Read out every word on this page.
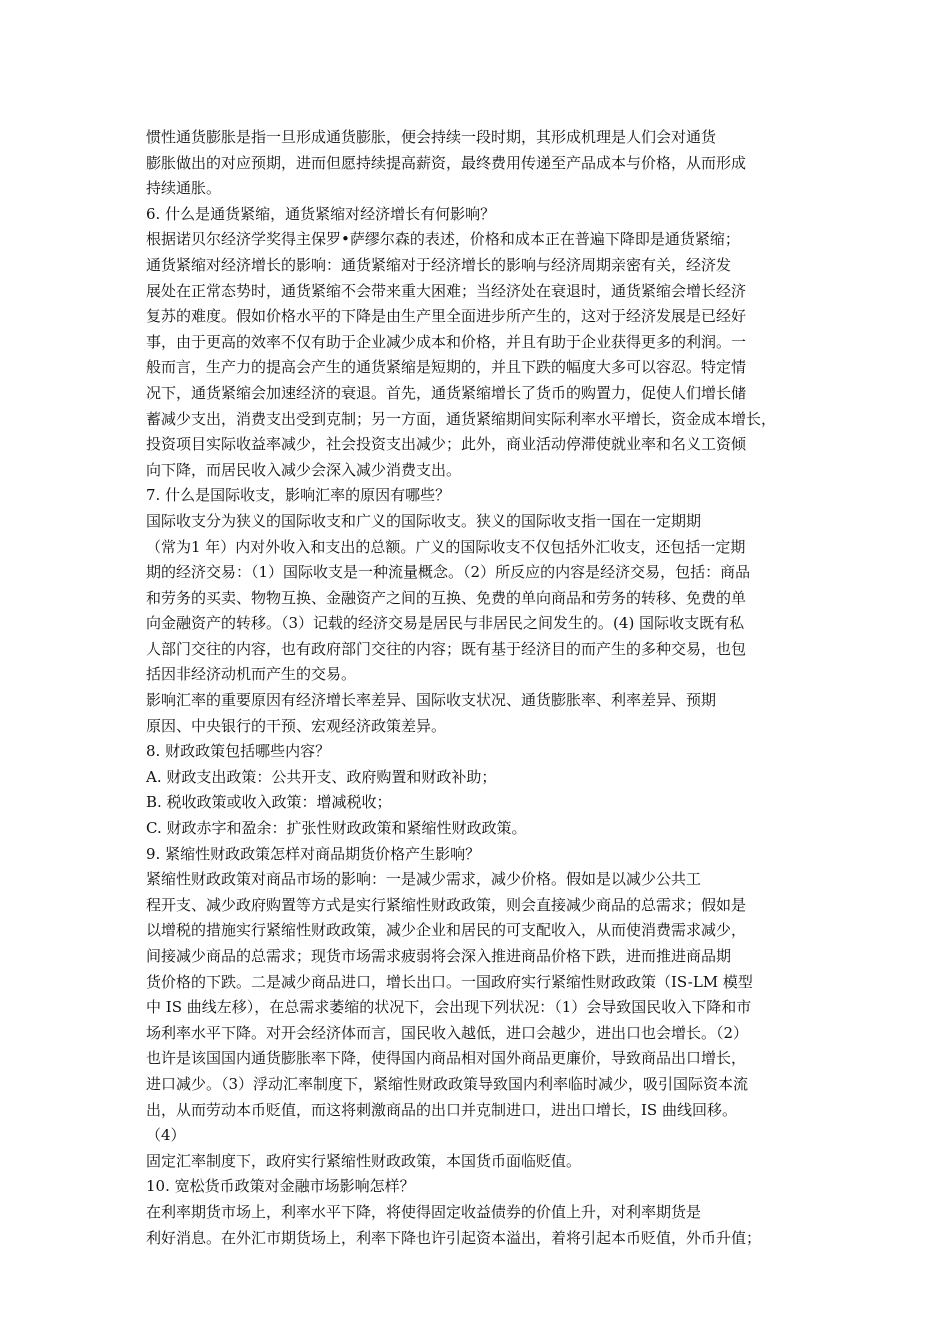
惯性通货膨胀是指一旦形成通货膨胀，便会持续一段时期，其形成机理是人们会对通货
膨胀做出的对应预期，进而但愿持续提高薪资，最终费用传递至产品成本与价格，从而形成
持续通胀。
6. 什么是通货紧缩，通货紧缩对经济增长有何影响？
根据诺贝尔经济学奖得主保罗•萨缪尔森的表述，价格和成本正在普遍下降即是通货紧缩；
通货紧缩对经济增长的影响：通货紧缩对于经济增长的影响与经济周期亲密有关，经济发
展处在正常态势时，通货紧缩不会带来重大困难；当经济处在衰退时，通货紧缩会增长经济
复苏的难度。假如价格水平的下降是由生产里全面进步所产生的，这对于经济发展是已经好
事，由于更高的效率不仅有助于企业减少成本和价格，并且有助于企业获得更多的利润。一
般而言，生产力的提高会产生的通货紧缩是短期的，并且下跌的幅度大多可以容忍。特定情
况下，通货紧缩会加速经济的衰退。首先，通货紧缩增长了货币的购置力，促使人们增长储
蓄减少支出，消费支出受到克制；另一方面，通货紧缩期间实际利率水平增长，资金成本增长，
投资项目实际收益率减少，社会投资支出减少；此外，商业活动停滞使就业率和名义工资倾
向下降，而居民收入减少会深入减少消费支出。
7. 什么是国际收支，影响汇率的原因有哪些？
国际收支分为狭义的国际收支和广义的国际收支。狭义的国际收支指一国在一定期期
（常为1 年）内对外收入和支出的总额。广义的国际收支不仅包括外汇收支，还包括一定期
期的经济交易：（1）国际收支是一种流量概念。（2）所反应的内容是经济交易，包括：商品
和劳务的买卖、物物互换、金融资产之间的互换、免费的单向商品和劳务的转移、免费的单
向金融资产的转移。（3）记载的经济交易是居民与非居民之间发生的。(4) 国际收支既有私
人部门交往的内容，也有政府部门交往的内容；既有基于经济目的而产生的多种交易，也包
括因非经济动机而产生的交易。
影响汇率的重要原因有经济增长率差异、国际收支状况、通货膨胀率、利率差异、预期
原因、中央银行的干预、宏观经济政策差异。
8. 财政政策包括哪些内容？
A. 财政支出政策：公共开支、政府购置和财政补助；
B. 税收政策或收入政策：增减税收；
C. 财政赤字和盈余：扩张性财政政策和紧缩性财政政策。
9. 紧缩性财政政策怎样对商品期货价格产生影响？
紧缩性财政政策对商品市场的影响：一是减少需求，减少价格。假如是以减少公共工
程开支、减少政府购置等方式是实行紧缩性财政政策，则会直接减少商品的总需求；假如是
以增税的措施实行紧缩性财政政策，减少企业和居民的可支配收入，从而使消费需求减少，
间接减少商品的总需求；现货市场需求疲弱将会深入推进商品价格下跌，进而推进商品期
货价格的下跌。二是减少商品进口，增长出口。一国政府实行紧缩性财政政策（IS-LM 模型
中 IS 曲线左移），在总需求萎缩的状况下，会出现下列状况：（1）会导致国民收入下降和市
场利率水平下降。对开会经济体而言，国民收入越低，进口会越少，进出口也会增长。（2）
也许是该国国内通货膨胀率下降，使得国内商品相对国外商品更廉价，导致商品出口增长，
进口减少。（3）浮动汇率制度下，紧缩性财政政策导致国内利率临时减少，吸引国际资本流
出，从而劳动本币贬值，而这将刺激商品的出口并克制进口，进出口增长，IS 曲线回移。
（4）
固定汇率制度下，政府实行紧缩性财政政策，本国货币面临贬值。
10. 宽松货币政策对金融市场影响怎样？
在利率期货市场上，利率水平下降，将使得固定收益债券的价值上升，对利率期货是
利好消息。在外汇市期货场上，利率下降也许引起资本溢出，着将引起本币贬值，外币升值；
